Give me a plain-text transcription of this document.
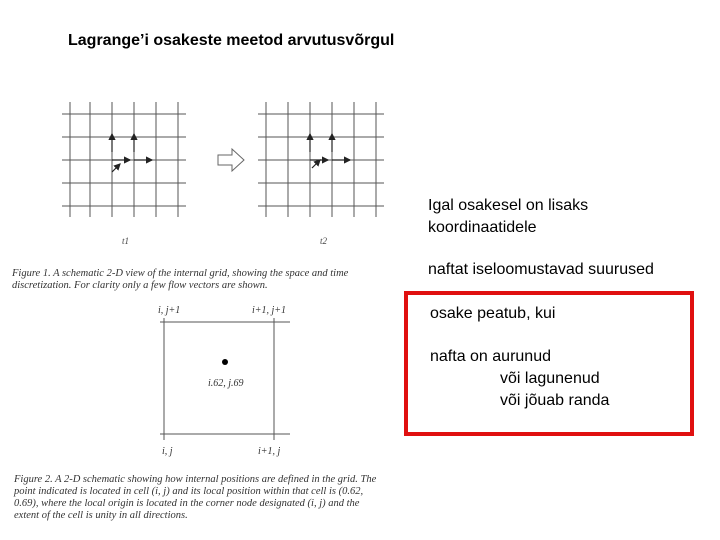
Lagrange’i osakeste meetod arvutusvõrgul
t1	t2
Figure 1. A schematic 2-D view of the internal grid, showing the space and time
discretization. For clarity only a few flow vectors are shown.
i, j+1	i+1, j+1
i.62, j.69
i, j	i+1, j
Figure 2. A 2-D schematic showing how internal positions are defined in the grid. The
point indicated is located in cell (i, j) and its local position within that cell is (0.62,
0.69), where the local origin is located in the corner node designated (i, j) and the
extent of the cell is unity in all directions.
Igal osakesel on lisaks
koordinaatidele
naftat iseloomustavad suurused
osake peatub, kui
nafta on aurunud
või lagunenud
või jõuab randa
